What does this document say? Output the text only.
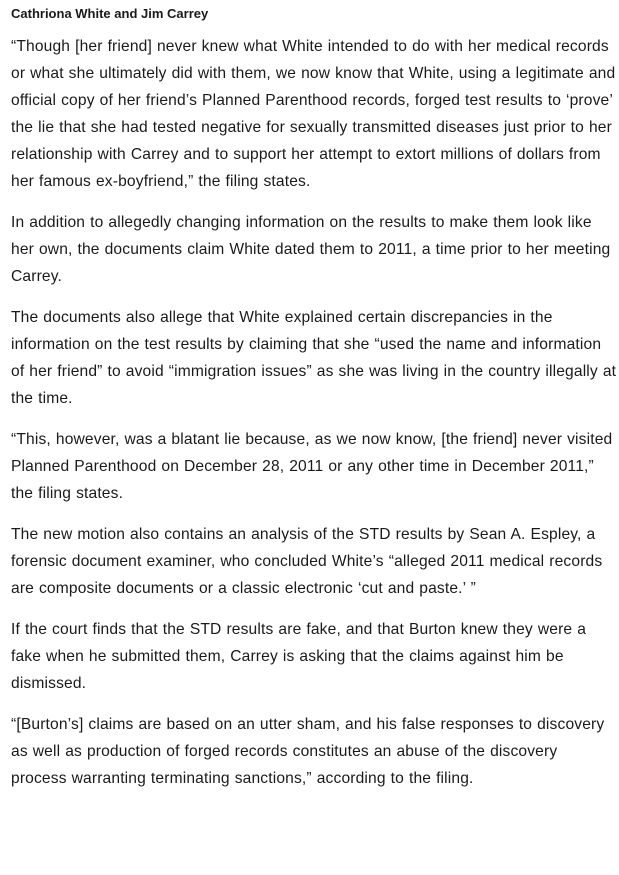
Cathriona White and Jim Carrey

“Though [her friend] never knew what White intended to do with her medical records or what she ultimately did with them, we now know that White, using a legitimate and official copy of her friend’s Planned Parenthood records, forged test results to ‘prove’ the lie that she had tested negative for sexually transmitted diseases just prior to her relationship with Carrey and to support her attempt to extort millions of dollars from her famous ex-boyfriend,” the filing states.

In addition to allegedly changing information on the results to make them look like her own, the documents claim White dated them to 2011, a time prior to her meeting Carrey.

The documents also allege that White explained certain discrepancies in the information on the test results by claiming that she “used the name and information of her friend” to avoid “immigration issues” as she was living in the country illegally at the time.

“This, however, was a blatant lie because, as we now know, [the friend] never visited Planned Parenthood on December 28, 2011 or any other time in December 2011,” the filing states.

The new motion also contains an analysis of the STD results by Sean A. Espley, a forensic document examiner, who concluded White’s “alleged 2011 medical records are composite documents or a classic electronic ‘cut and paste.’ ”

If the court finds that the STD results are fake, and that Burton knew they were a fake when he submitted them, Carrey is asking that the claims against him be dismissed.

“[Burton’s] claims are based on an utter sham, and his false responses to discovery as well as production of forged records constitutes an abuse of the discovery process warranting terminating sanctions,” according to the filing.
